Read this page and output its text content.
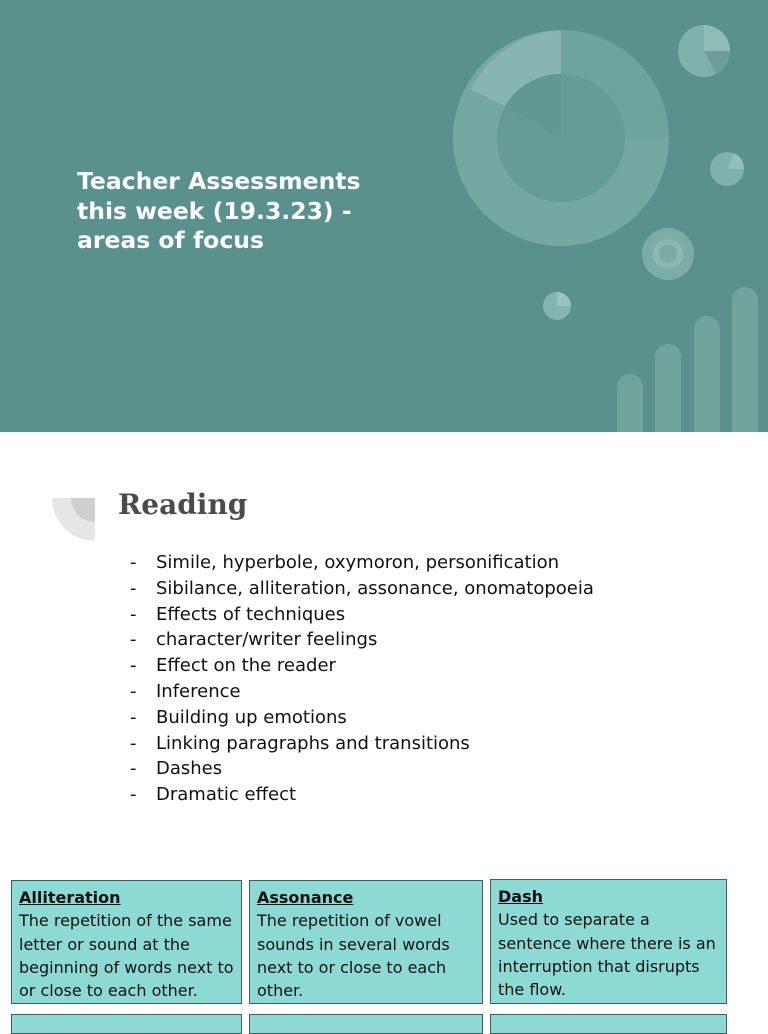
Teacher Assessments this week (19.3.23) - areas of focus
Reading
- Simile, hyperbole, oxymoron, personification
- Sibilance, alliteration, assonance, onomatopoeia
- Effects of techniques
- character/writer feelings
- Effect on the reader
- Inference
- Building up emotions
- Linking paragraphs and transitions
- Dashes
- Dramatic effect
Alliteration
The repetition of the same letter or sound at the beginning of words next to or close to each other.
Assonance
The repetition of vowel sounds in several words next to or close to each other.
Dash
Used to separate a sentence where there is an interruption that disrupts the flow.
